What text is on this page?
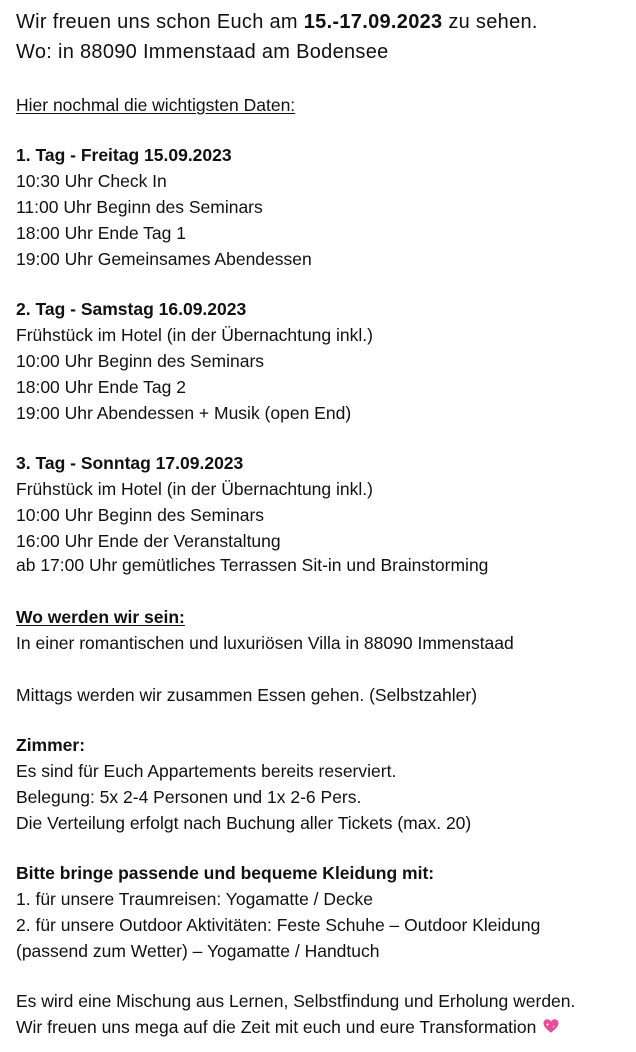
Wir freuen uns schon Euch am 15.-17.09.2023 zu sehen.
Wo: in 88090 Immenstaad am Bodensee
Hier nochmal die wichtigsten Daten:
1. Tag - Freitag 15.09.2023
10:30 Uhr Check In
11:00 Uhr Beginn des Seminars
18:00 Uhr Ende Tag 1
19:00 Uhr Gemeinsames Abendessen
2. Tag - Samstag 16.09.2023
Frühstück im Hotel (in der Übernachtung inkl.)
10:00 Uhr Beginn des Seminars
18:00 Uhr Ende Tag 2
19:00 Uhr Abendessen + Musik (open End)
3. Tag - Sonntag 17.09.2023
Frühstück im Hotel (in der Übernachtung inkl.)
10:00 Uhr Beginn des Seminars
16:00 Uhr Ende der Veranstaltung
ab 17:00 Uhr gemütliches Terrassen Sit-in und Brainstorming
Wo werden wir sein:
In einer romantischen und luxuriösen Villa in 88090 Immenstaad
Mittags werden wir zusammen Essen gehen. (Selbstzahler)
Zimmer:
Es sind für Euch Appartements bereits reserviert.
Belegung: 5x 2-4 Personen und 1x 2-6 Pers.
Die Verteilung erfolgt nach Buchung aller Tickets (max. 20)
Bitte bringe passende und bequeme Kleidung mit:
1. für unsere Traumreisen: Yogamatte / Decke
2. für unsere Outdoor Aktivitäten: Feste Schuhe – Outdoor Kleidung
(passend zum Wetter) – Yogamatte / Handtuch
Es wird eine Mischung aus Lernen, Selbstfindung und Erholung werden.
Wir freuen uns mega auf die Zeit mit euch und eure Transformation
